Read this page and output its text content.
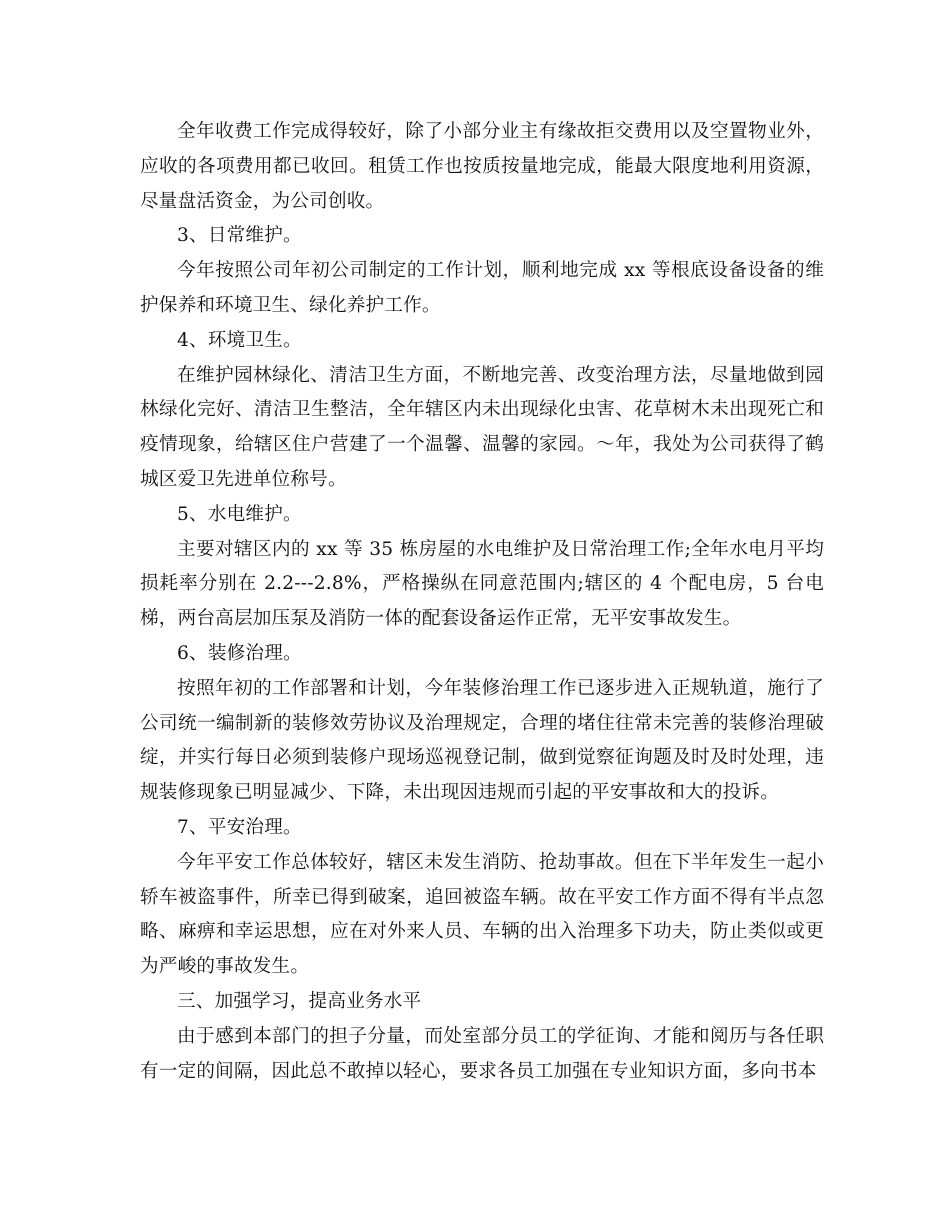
全年收费工作完成得较好，除了小部分业主有缘故拒交费用以及空置物业外，应收的各项费用都已收回。租赁工作也按质按量地完成，能最大限度地利用资源，尽量盘活资金，为公司创收。

3、日常维护。

今年按照公司年初公司制定的工作计划，顺利地完成 xx 等根底设备设备的维护保养和环境卫生、绿化养护工作。

4、环境卫生。

在维护园林绿化、清洁卫生方面，不断地完善、改变治理方法，尽量地做到园林绿化完好、清洁卫生整洁，全年辖区内未出现绿化虫害、花草树木未出现死亡和疫情现象，给辖区住户营建了一个温馨、温馨的家园。～年，我处为公司获得了鹤城区爱卫先进单位称号。

5、水电维护。

主要对辖区内的 xx 等 35 栋房屋的水电维护及日常治理工作;全年水电月平均损耗率分别在 2.2---2.8%，严格操纵在同意范围内;辖区的 4 个配电房，5 台电梯，两台高层加压泵及消防一体的配套设备运作正常，无平安事故发生。

6、装修治理。

按照年初的工作部署和计划，今年装修治理工作已逐步进入正规轨道，施行了公司统一编制新的装修效劳协议及治理规定，合理的堵住往常未完善的装修治理破绽，并实行每日必须到装修户现场巡视登记制，做到觉察征询题及时及时处理，违规装修现象已明显减少、下降，未出现因违规而引起的平安事故和大的投诉。

7、平安治理。

今年平安工作总体较好，辖区未发生消防、抢劫事故。但在下半年发生一起小轿车被盗事件，所幸已得到破案，追回被盗车辆。故在平安工作方面不得有半点忽略、麻痹和幸运思想，应在对外来人员、车辆的出入治理多下功夫，防止类似或更为严峻的事故发生。

三、加强学习，提高业务水平

由于感到本部门的担子分量，而处室部分员工的学征询、才能和阅历与各任职有一定的间隔，因此总不敢掉以轻心，要求各员工加强在专业知识方面，多向书本
